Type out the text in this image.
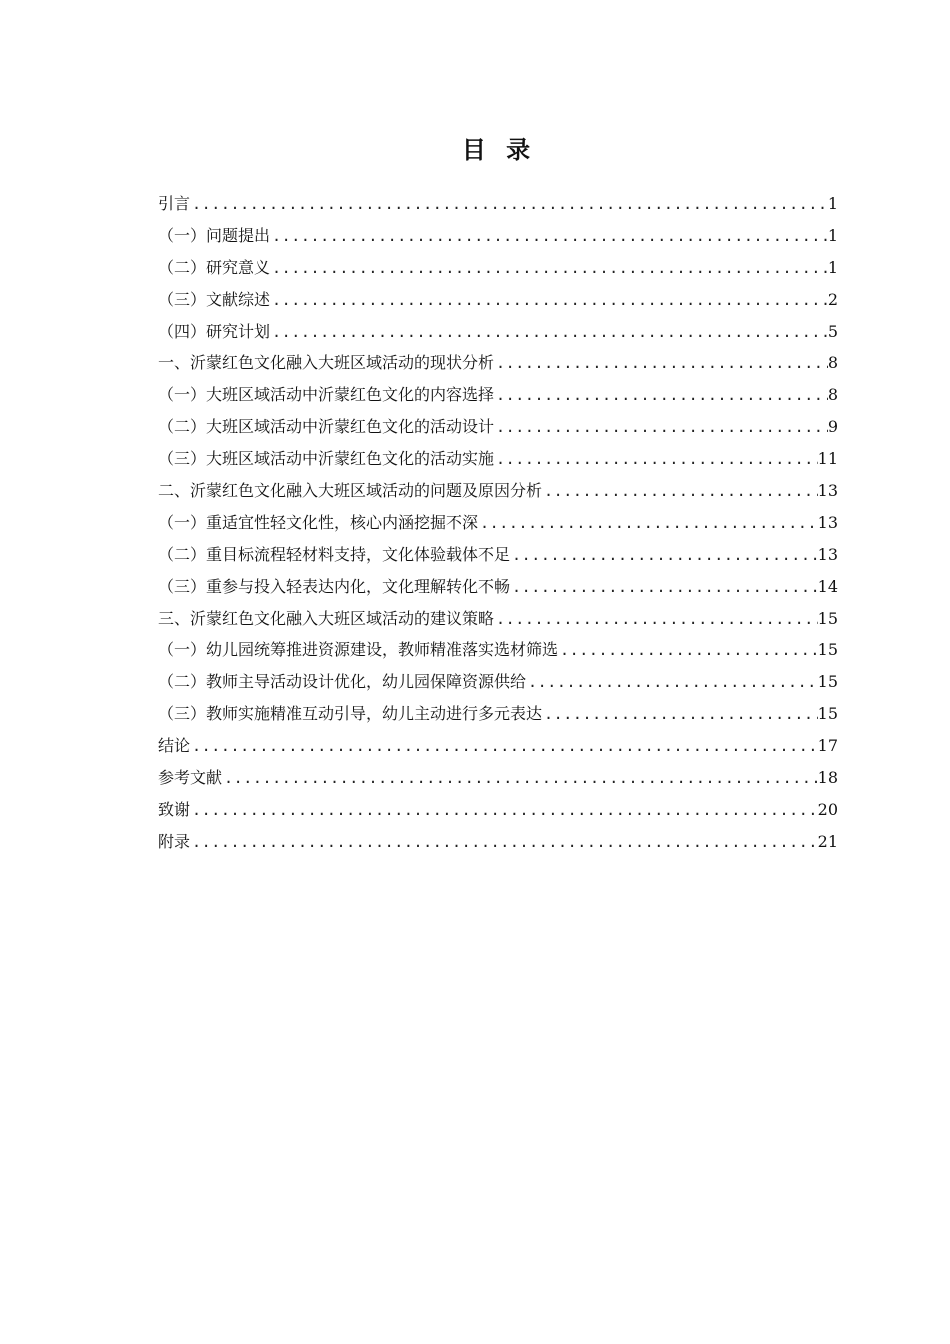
目 录
引言 .....	1
（一）问题提出 .....	1
（二）研究意义 .....	1
（三）文献综述 .....	2
（四）研究计划 .....	5
一、沂蒙红色文化融入大班区域活动的现状分析 .....	8
（一）大班区域活动中沂蒙红色文化的内容选择 .....	8
（二）大班区域活动中沂蒙红色文化的活动设计 .....	9
（三）大班区域活动中沂蒙红色文化的活动实施 .....	11
二、沂蒙红色文化融入大班区域活动的问题及原因分析 .....	13
（一）重适宜性轻文化性，核心内涵挖掘不深 .....	13
（二）重目标流程轻材料支持，文化体验载体不足 .....	13
（三）重参与投入轻表达内化，文化理解转化不畅 .....	14
三、沂蒙红色文化融入大班区域活动的建议策略 .....	15
（一）幼儿园统筹推进资源建设，教师精准落实选材筛选 .....	15
（二）教师主导活动设计优化，幼儿园保障资源供给 .....	15
（三）教师实施精准互动引导，幼儿主动进行多元表达 .....	15
结论 .....	17
参考文献 .....	18
致谢 .....	20
附录 .....	21
